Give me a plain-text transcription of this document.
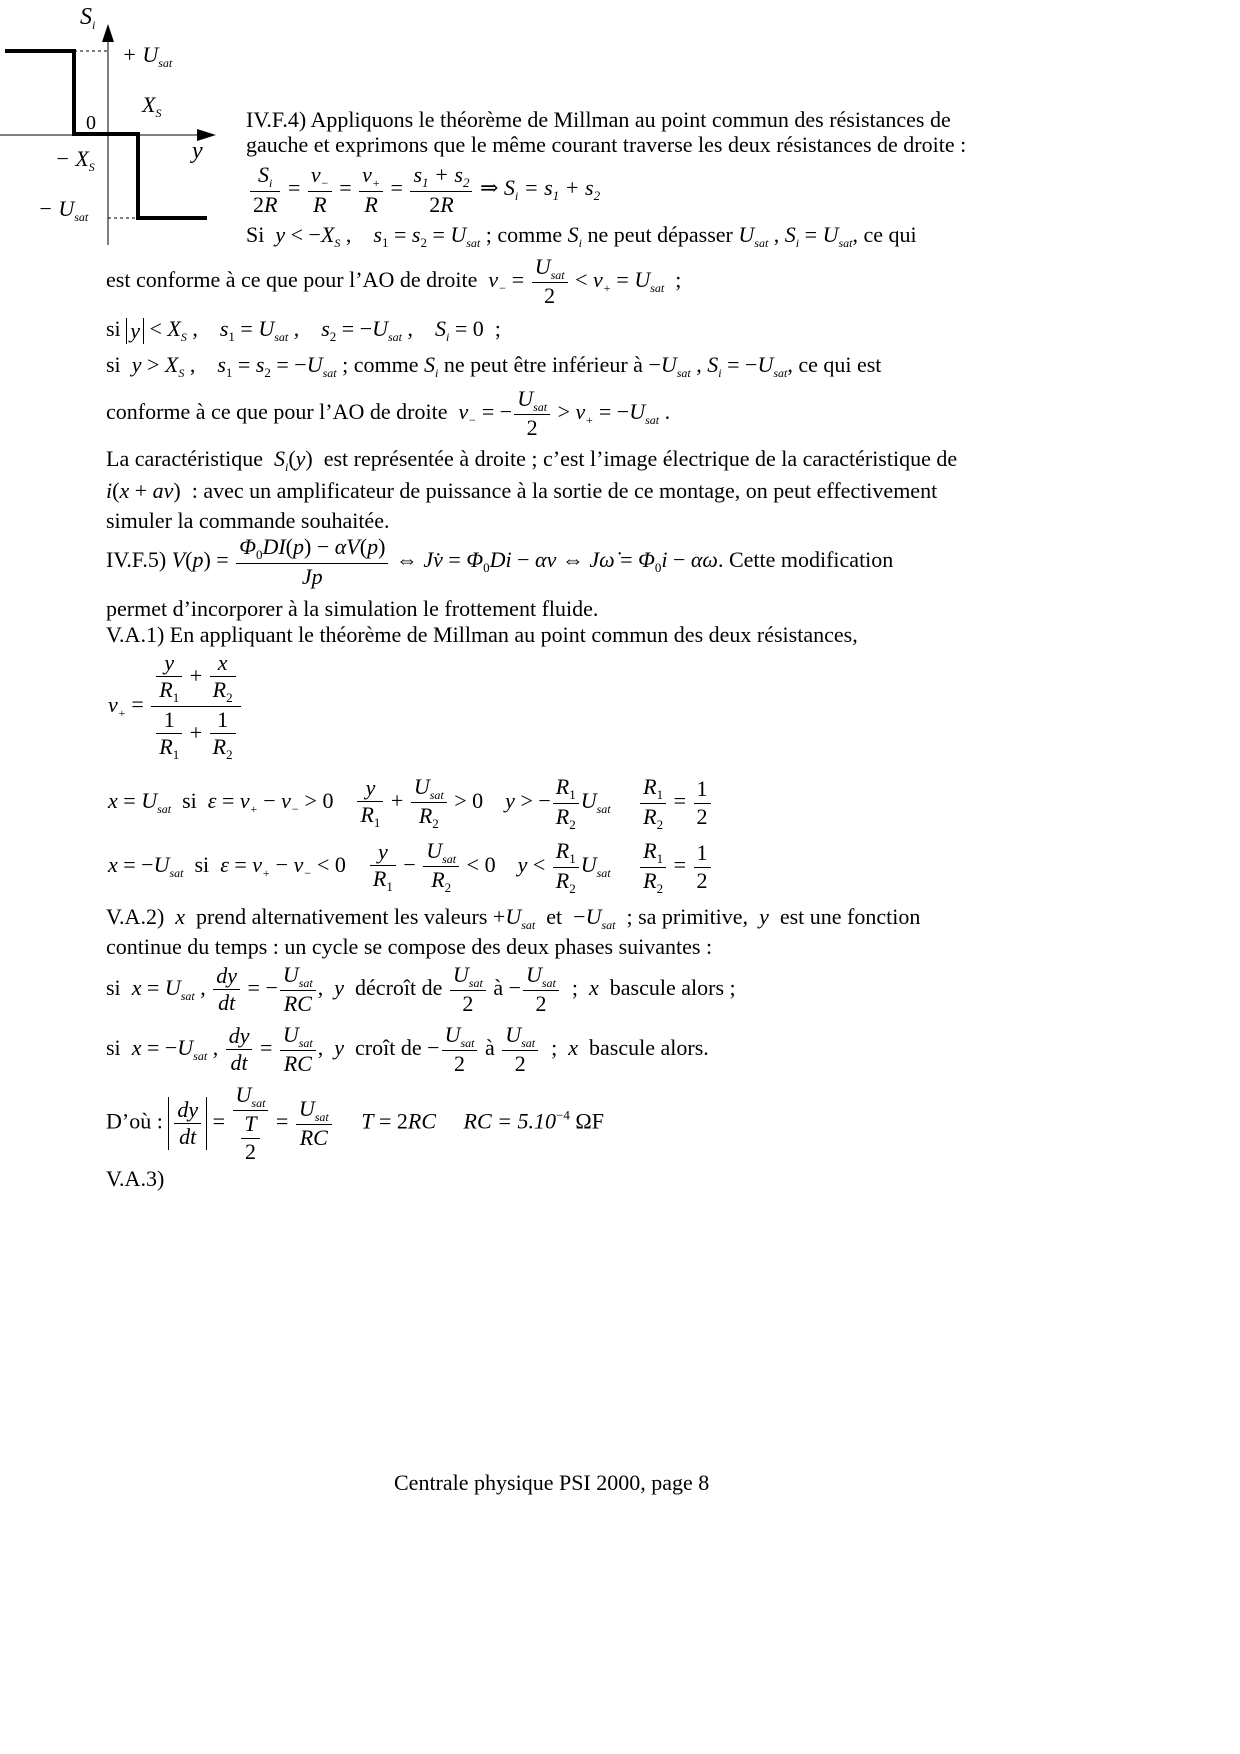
$S_i$
+ $U_{sat}$
0
$X_S$
y
− $X_S$
− $U_{sat}$
IV.F.4) Appliquons le théorème de Millman au point commun des résistances de
gauche et exprimons que le même courant traverse les deux résistances de droite :
$\frac{S_i}{2R} = \frac{v_-}{R} = \frac{v_+}{R} = \frac{s_1 + s_2}{2R}$ ⇒ $S_i = s_1 + s_2$
Si $y < -X_S$ ,    $s_1 = s_2 = U_{sat}$ ; comme $S_i$ ne peut dépasser $U_{sat}$ , $S_i = U_{sat}$, ce qui
est conforme à ce que pour l’AO de droite $v_- = \frac{U_{sat}}{2} < v_+ = U_{sat}$  ;
si $y < X_S$ ,    $s_1 = U_{sat}$ ,    $s_2 = -U_{sat}$ ,    $S_i = 0$  ;
si $y > X_S$ ,    $s_1 = s_2 = -U_{sat}$ ; comme $S_i$ ne peut être inférieur à $-U_{sat}$ , $S_i = -U_{sat}$, ce qui est
conforme à ce que pour l’AO de droite $v_-$ = − $\frac{U_{sat}}{2} > v_+ = -U_{sat}$ .
La caractéristique $S_i(y)$  est représentée à droite ; c’est l’image électrique de la caractéristique de
i(x + av)  : avec un amplificateur de puissance à la sortie de ce montage, on peut effectivement
simuler la commande souhaitée.
IV.F.5) $V(p) = \frac{\Phi_0DI(p) - \alpha V(p)}{Jp}$ ⇔ Jv̇ = $\Phi_0Di - \alpha v$ ⇔ Jω̇ = $\Phi_0i - \alpha\omega$. Cette modification
permet d’incorporer à la simulation le frottement fluide.
V.A.1) En appliquant le théorème de Millman au point commun des deux résistances,
$v_+ = \frac{\frac{y}{R_1} + \frac{x}{R_2}}{\frac{1}{R_1} + \frac{1}{R_2}}$
$x = U_{sat}$ si $\varepsilon = v_+ - v_- > 0 \frac{y}{R_1} + \frac{U_{sat}}{R_2} > 0$    y > − $\frac{R_1}{R_2} U_{sat} \frac{R_1}{R_2} = \frac{1}{2}$
$x = -U_{sat}$ si $\varepsilon = v_+ - v_- < 0 \frac{y}{R_1} - \frac{U_{sat}}{R_2} < 0$    $y < \frac{R_1}{R_2} U_{sat} \frac{R_1}{R_2} = \frac{1}{2}$
V.A.2) x prend alternativement les valeurs $+U_{sat}$ et  $-U_{sat}$ ; sa primitive, y est une fonction
continue du temps : un cycle se compose des deux phases suivantes :
si $x = U_{sat}$ , $\frac{dy}{dt}$ = − $\frac{U_{sat}}{RC}$ ,  y décroît de $\frac{U_{sat}}{2}$ à − $\frac{U_{sat}}{2}$ ;  x bascule alors ;
si $x = -U_{sat}$ , $\frac{dy}{dt} = \frac{U_{sat}}{RC}$ ,  y croît de − $\frac{U_{sat}}{2}$ à $\frac{U_{sat}}{2}$ ;  x bascule alors.
D’où : $\frac{dy}{dt} = \frac{U_{sat}}{\frac{T}{2}} = \frac{U_{sat}}{RC}$ T = 2RC RC = $5.10^{-4}$ ΩF
V.A.3)
Centrale physique PSI 2000, page 8
